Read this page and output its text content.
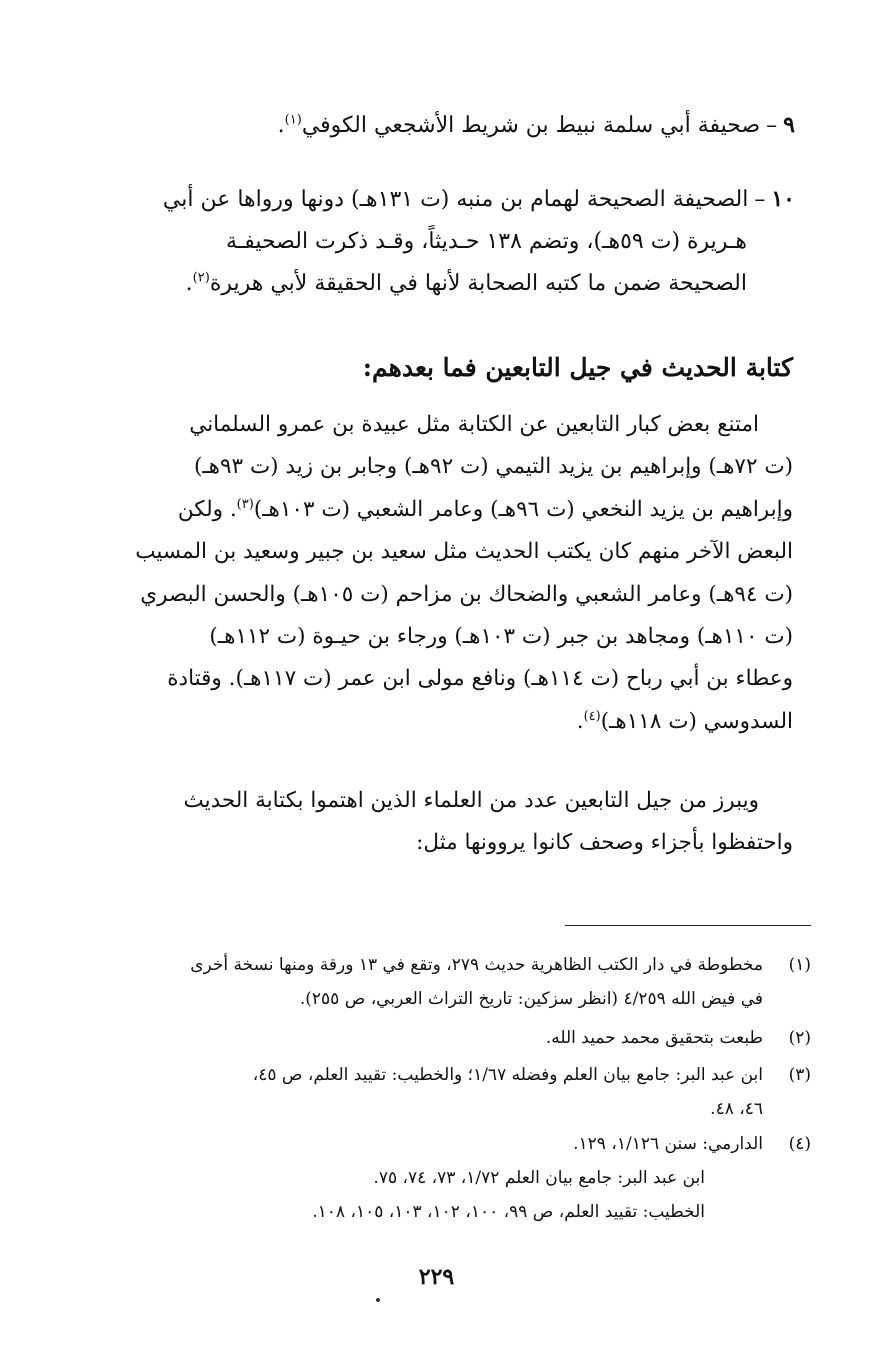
٩–صحيفة أبي سلمة نبيط بن شريط الأشجعي الكوفي$^{(١)}$.
١٠–الصحيفة الصحيحة لهمام بن منبه (ت ١٣١هـ) دونها ورواها عن أبي
هـريرة (ت ٥٩هـ)، وتضم ١٣٨ حـديثاً، وقـد ذكرت الصحيفـة
الصحيحة ضمن ما كتبه الصحابة لأنها في الحقيقة لأبي هريرة$^{(٢)}$.
كتابة الحديث في جيل التابعين فما بعدهم:
امتنع بعض كبار التابعين عن الكتابة مثل عبيدة بن عمرو السلماني
(ت ٧٢هـ) وإبراهيم بن يزيد التيمي (ت ٩٢هـ) وجابر بن زيد (ت ٩٣هـ)
وإبراهيم بن يزيد النخعي (ت ٩٦هـ) وعامر الشعبي (ت ١٠٣هـ)$^{(٣)}$. ولكن
البعض الآخر منهم كان يكتب الحديث مثل سعيد بن جبير وسعيد بن المسيب
(ت ٩٤هـ) وعامر الشعبي والضحاك بن مزاحم (ت ١٠٥هـ) والحسن البصري
(ت ١١٠هـ) ومجاهد بن جبر (ت ١٠٣هـ) ورجاء بن حيـوة (ت ١١٢هـ)
وعطاء بن أبي رباح (ت ١١٤هـ) ونافع مولى ابن عمر (ت ١١٧هـ). وقتادة
السدوسي (ت ١١٨هـ)$^{(٤)}$.
ويبرز من جيل التابعين عدد من العلماء الذين اهتموا بكتابة الحديث
واحتفظوا بأجزاء وصحف كانوا يروونها مثل:
(١)مخطوطة في دار الكتب الظاهرية حديث ٢٧٩، وتقع في ١٣ ورقة ومنها نسخة أخرى
في فيض الله ٤/٢٥٩ (انظر سزكين: تاريخ التراث العربي، ص ٢٥٥).
(٢)طبعت بتحقيق محمد حميد الله.
(٣)ابن عبد البر: جامع بيان العلم وفضله ١/٦٧؛ والخطيب: تقييد العلم، ص ٤٥،
٤٦، ٤٨.
(٤)الدارمي: سنن ١/١٢٦، ١٢٩.
ابن عبد البر: جامع بيان العلم ١/٧٢، ٧٣، ٧٤، ٧٥.
الخطيب: تقييد العلم، ص ٩٩، ١٠٠، ١٠٢، ١٠٣، ١٠٥، ١٠٨.
٢٢٩
